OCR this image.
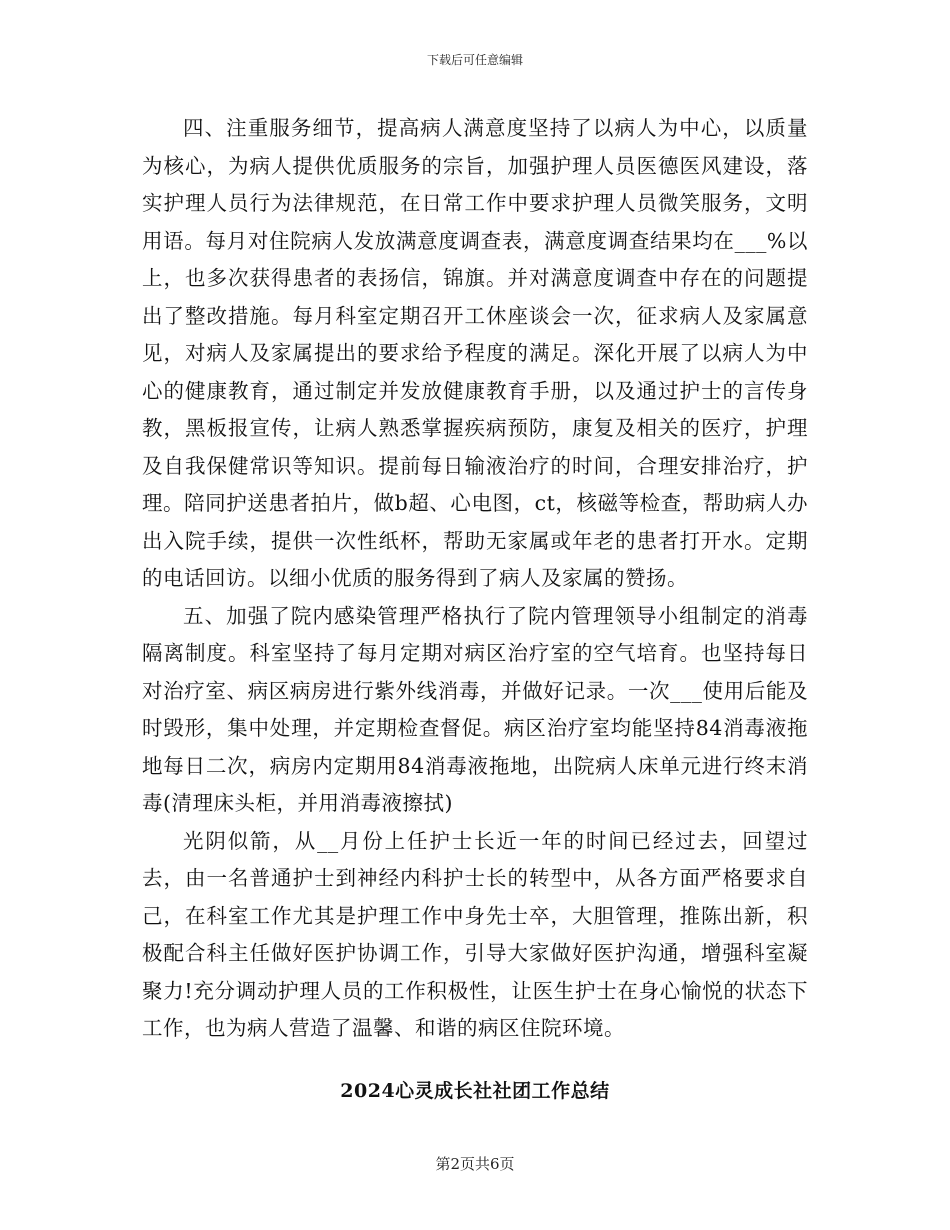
下载后可任意编辑

四、注重服务细节，提高病人满意度坚持了以病人为中心，以质量为核心，为病人提供优质服务的宗旨，加强护理人员医德医风建设，落实护理人员行为法律规范，在日常工作中要求护理人员微笑服务，文明用语。每月对住院病人发放满意度调查表，满意度调查结果均在___%以上，也多次获得患者的表扬信，锦旗。并对满意度调查中存在的问题提出了整改措施。每月科室定期召开工休座谈会一次，征求病人及家属意见，对病人及家属提出的要求给予程度的满足。深化开展了以病人为中心的健康教育，通过制定并发放健康教育手册，以及通过护士的言传身教，黑板报宣传，让病人熟悉掌握疾病预防，康复及相关的医疗，护理及自我保健常识等知识。提前每日输液治疗的时间，合理安排治疗，护理。陪同护送患者拍片，做b超、心电图，ct，核磁等检查，帮助病人办出入院手续，提供一次性纸杯，帮助无家属或年老的患者打开水。定期的电话回访。以细小优质的服务得到了病人及家属的赞扬。

五、加强了院内感染管理严格执行了院内管理领导小组制定的消毒隔离制度。科室坚持了每月定期对病区治疗室的空气培育。也坚持每日对治疗室、病区病房进行紫外线消毒，并做好记录。一次___使用后能及时毁形，集中处理，并定期检查督促。病区治疗室均能坚持84消毒液拖地每日二次，病房内定期用84消毒液拖地，出院病人床单元进行终末消毒(清理床头柜，并用消毒液擦拭)

光阴似箭，从__月份上任护士长近一年的时间已经过去，回望过去，由一名普通护士到神经内科护士长的转型中，从各方面严格要求自己，在科室工作尤其是护理工作中身先士卒，大胆管理，推陈出新，积极配合科主任做好医护协调工作，引导大家做好医护沟通，增强科室凝聚力!充分调动护理人员的工作积极性，让医生护士在身心愉悦的状态下工作，也为病人营造了温馨、和谐的病区住院环境。

2024心灵成长社社团工作总结
第2页共6页
